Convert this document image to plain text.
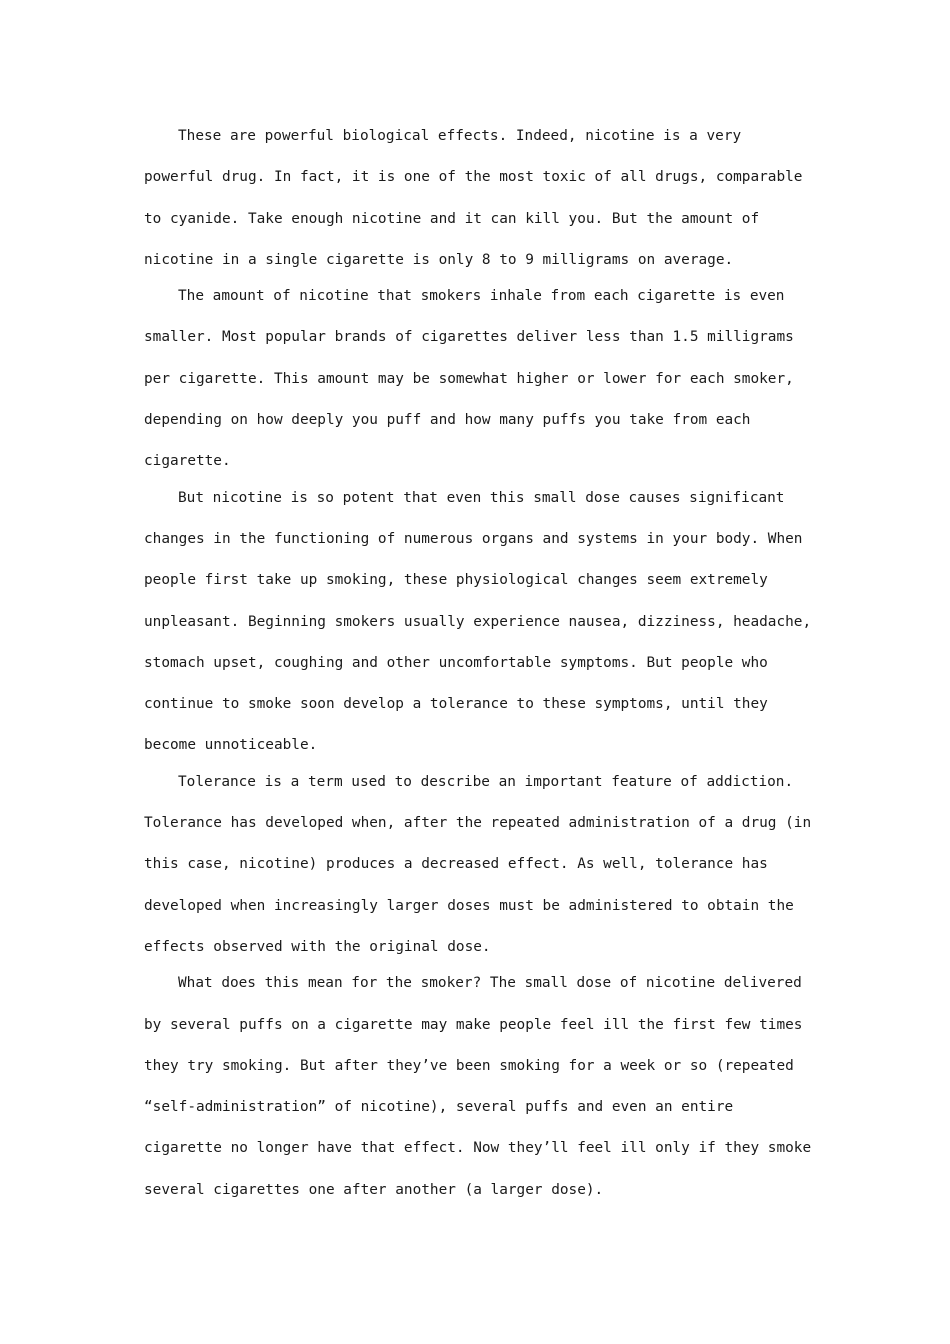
These are powerful biological effects. Indeed, nicotine is a very powerful drug. In fact, it is one of the most toxic of all drugs, comparable to cyanide. Take enough nicotine and it can kill you. But the amount of nicotine in a single cigarette is only 8 to 9 milligrams on average.

The amount of nicotine that smokers inhale from each cigarette is even smaller. Most popular brands of cigarettes deliver less than 1.5 milligrams per cigarette. This amount may be somewhat higher or lower for each smoker, depending on how deeply you puff and how many puffs you take from each cigarette.

But nicotine is so potent that even this small dose causes significant changes in the functioning of numerous organs and systems in your body. When people first take up smoking, these physiological changes seem extremely unpleasant. Beginning smokers usually experience nausea, dizziness, headache, stomach upset, coughing and other uncomfortable symptoms. But people who continue to smoke soon develop a tolerance to these symptoms, until they become unnoticeable.

Tolerance is a term used to describe an important feature of addiction. Tolerance has developed when, after the repeated administration of a drug (in this case, nicotine) produces a decreased effect. As well, tolerance has developed when increasingly larger doses must be administered to obtain the effects observed with the original dose.

What does this mean for the smoker? The small dose of nicotine delivered by several puffs on a cigarette may make people feel ill the first few times they try smoking. But after they’ve been smoking for a week or so (repeated “self-administration” of nicotine), several puffs and even an entire cigarette no longer have that effect. Now they’ll feel ill only if they smoke several cigarettes one after another (a larger dose).
